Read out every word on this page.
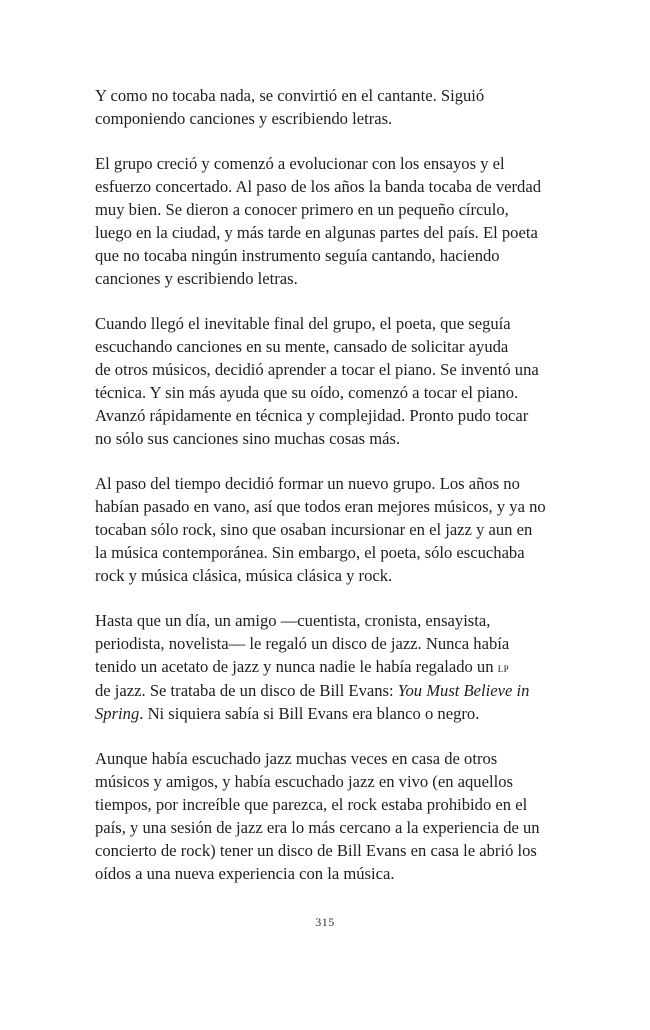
Y como no tocaba nada, se convirtió en el cantante. Siguió
componiendo canciones y escribiendo letras.

El grupo creció y comenzó a evolucionar con los ensayos y el
esfuerzo concertado. Al paso de los años la banda tocaba de verdad
muy bien. Se dieron a conocer primero en un pequeño círculo,
luego en la ciudad, y más tarde en algunas partes del país. El poeta
que no tocaba ningún instrumento seguía cantando, haciendo
canciones y escribiendo letras.

Cuando llegó el inevitable final del grupo, el poeta, que seguía
escuchando canciones en su mente, cansado de solicitar ayuda
de otros músicos, decidió aprender a tocar el piano. Se inventó una
técnica. Y sin más ayuda que su oído, comenzó a tocar el piano.
Avanzó rápidamente en técnica y complejidad. Pronto pudo tocar
no sólo sus canciones sino muchas cosas más.

Al paso del tiempo decidió formar un nuevo grupo. Los años no
habían pasado en vano, así que todos eran mejores músicos, y ya no
tocaban sólo rock, sino que osaban incursionar en el jazz y aun en
la música contemporánea. Sin embargo, el poeta, sólo escuchaba
rock y música clásica, música clásica y rock.

Hasta que un día, un amigo —cuentista, cronista, ensayista,
periodista, novelista— le regaló un disco de jazz. Nunca había
tenido un acetato de jazz y nunca nadie le había regalado un lp
de jazz. Se trataba de un disco de Bill Evans: You Must Believe in
Spring. Ni siquiera sabía si Bill Evans era blanco o negro.

Aunque había escuchado jazz muchas veces en casa de otros
músicos y amigos, y había escuchado jazz en vivo (en aquellos
tiempos, por increíble que parezca, el rock estaba prohibido en el
país, y una sesión de jazz era lo más cercano a la experiencia de un
concierto de rock) tener un disco de Bill Evans en casa le abrió los
oídos a una nueva experiencia con la música.

315
